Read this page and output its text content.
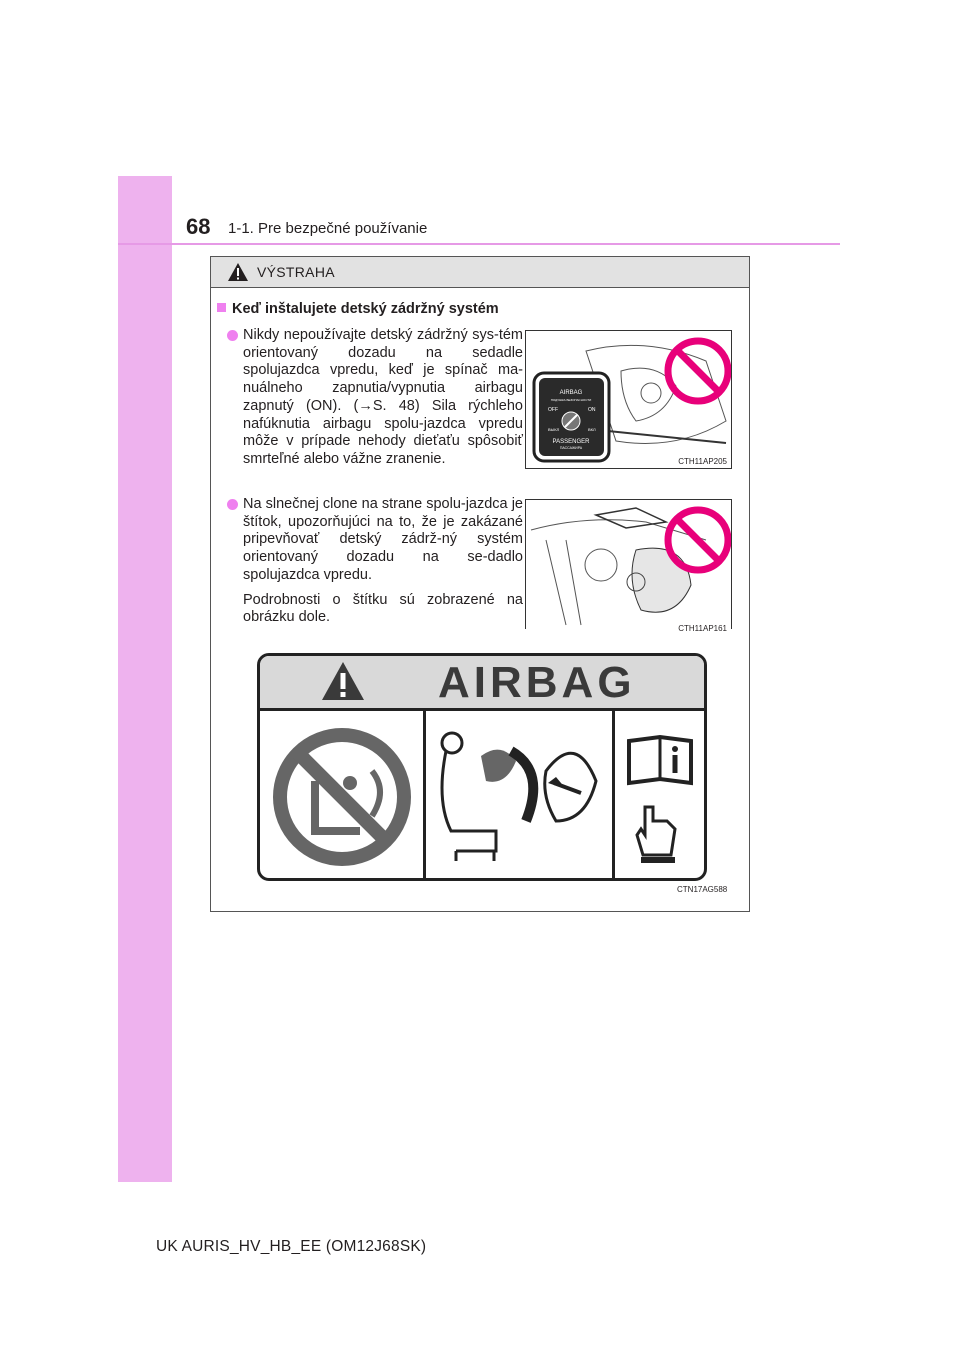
68 1-1. Pre bezpečné používanie
VÝSTRAHA
Keď inštalujete detský zádržný systém

Nikdy nepoužívajte detský zádržný sys-tém orientovaný dozadu na sedadle spolujazdca vpredu, keď je spínač ma-nuálneho zapnutia/vypnutia airbagu zapnutý (ON). (→S. 48) Sila rýchleho nafúknutia airbagu spolu-jazdca vpredu môže v prípade nehody dieťaťu spôsobiť smrteľné alebo vážne zranenie.

Na slnečnej clone na strane spolu-jazdca je štítok, upozorňujúci na to, že je zakázané pripevňovať detský zádrž-ný systém orientovaný dozadu na se-dadlo spolujazdca vpredu.

Podrobnosti o štítku sú zobrazené na obrázku dole.

AIRBAG
ПОДУШКА БЕЗОПАСНОСТИ
OFF	ON
ВЫКЛ	ВКЛ
PASSENGER
ПАССАЖИРА
CTH11AP205
CTH11AP161
AIRBAG
CTN17AG588
UK AURIS_HV_HB_EE (OM12J68SK)
